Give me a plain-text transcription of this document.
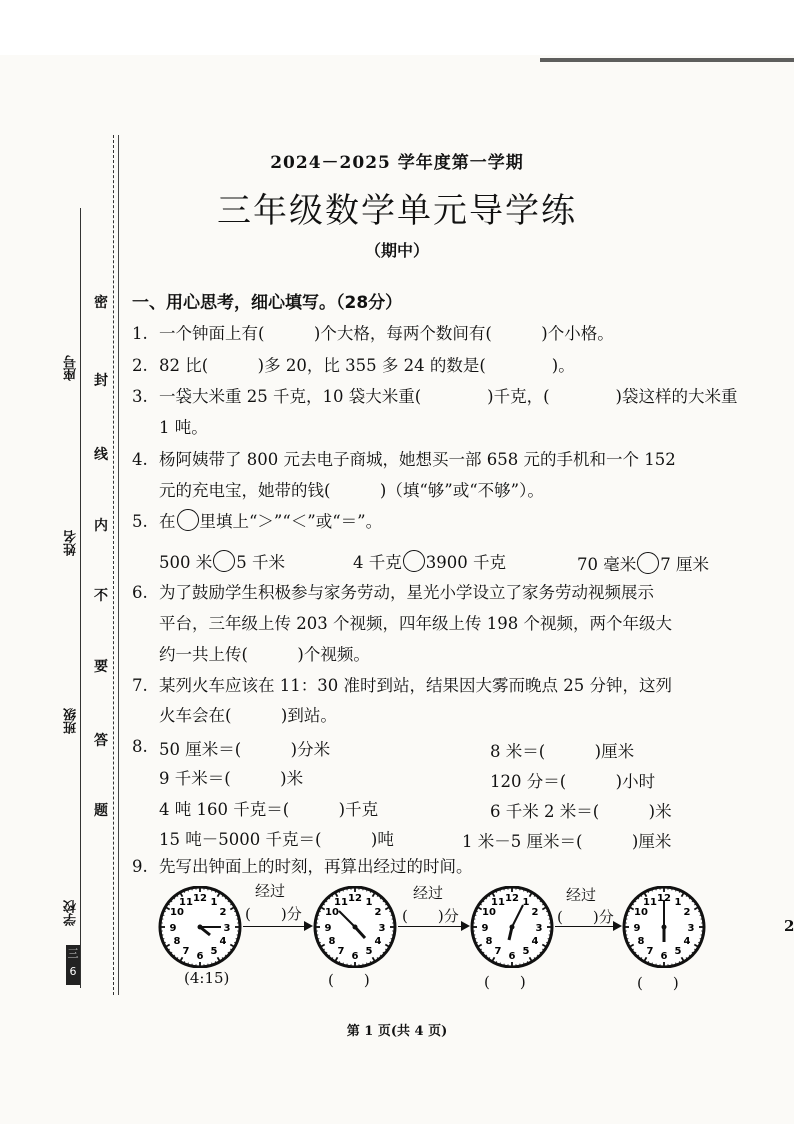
座号
姓名
班级
学校
密
封
线
内
不
要
答
题
三 6
2024－2025 学年度第一学期
三年级数学单元导学练
（期中）
一、用心思考，细心填写。（28分）
1. 一个钟面上有(　　　)个大格，每两个数间有(　　　)个小格。
2. 82 比(　　　)多 20，比 355 多 24 的数是(　　　　)。
3. 一袋大米重 25 千克，10 袋大米重(　　　　)千克，(　　　　)袋这样的大米重
1 吨。
4. 杨阿姨带了 800 元去电子商城，她想买一部 658 元的手机和一个 152
元的充电宝，她带的钱(　　　)（填“够”或“不够”）。
5. 在 里填上“＞”“＜”或“＝”。
500 米 5 千米	4 千克 3900 千克	70 毫米 7 厘米
6. 为了鼓励学生积极参与家务劳动，星光小学设立了家务劳动视频展示
平台，三年级上传 203 个视频，四年级上传 198 个视频，两个年级大
约一共上传(　　　)个视频。
7. 某列火车应该在 11：30 准时到站，结果因大雾而晚点 25 分钟，这列
火车会在(　　　)到站。
8. 50 厘米＝(　　　)分米	8 米＝(　　　)厘米
9 千米＝(　　　)米	120 分＝(　　　)小时
4 吨 160 千克＝(　　　)千克	6 千米 2 米＝(　　　)米
15 吨－5000 千克＝(　　　)吨	1 米－5 厘米＝(　　　)厘米
9. 先写出钟面上的时刻，再算出经过的时间。
12 1
2
3
4
5
6
7
8
9
10
11	12 1
2
3
4
5
6
7
8
9
10
11	12 1
2
3
4
5
6
7
8
9
10
11	12 1
2
3
4
5
6
7
8
9
10
11
经过
(　　)分
经过
(　　)分
经过
(　　)分
(4:15)	(　　)	(　　)	(　　)
第 1 页(共 4 页)
2
